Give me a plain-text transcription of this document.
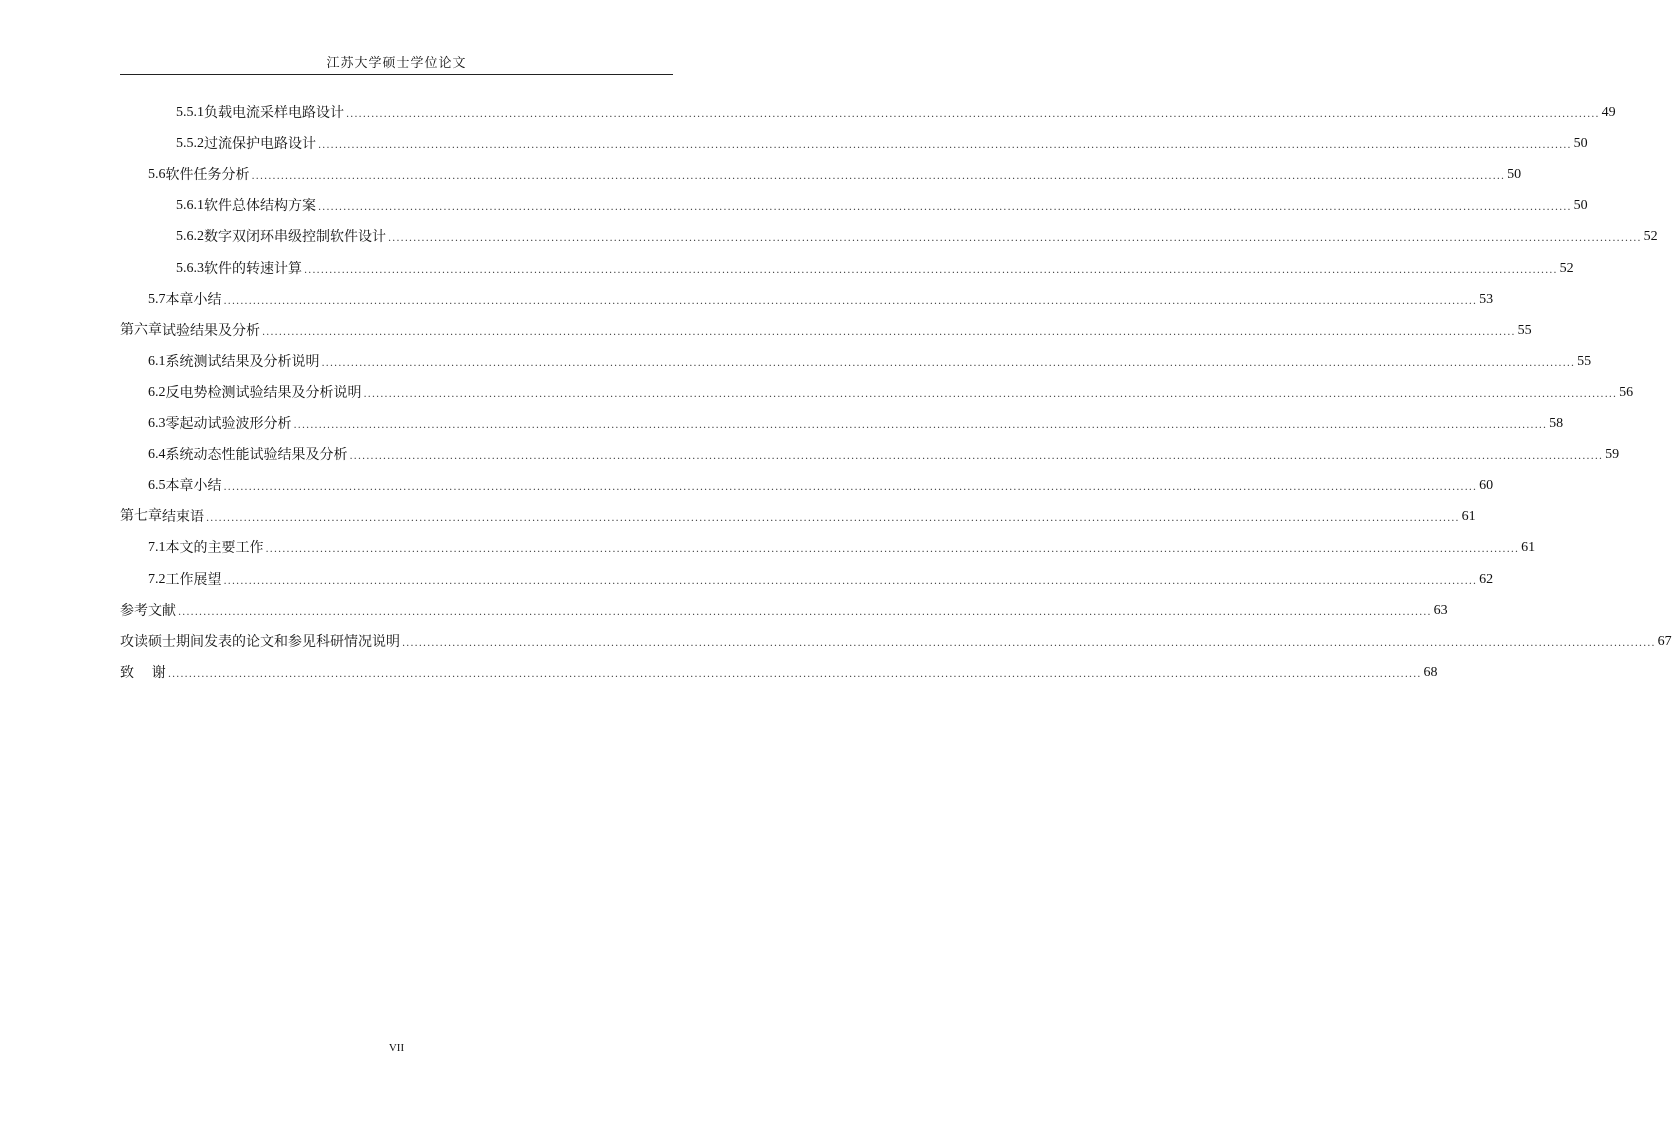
江苏大学硕士学位论文
5.5.1 负载电流采样电路设计 ............................................................................................................................................................................................................................................................................................................ 49
5.5.2 过流保护电路设计 ............................................................................................................................................................................................................................................................................................................ 50
5.6 软件任务分析 ............................................................................................................................................................................................................................................................................................................ 50
5.6.1 软件总体结构方案 ............................................................................................................................................................................................................................................................................................................ 50
5.6.2 数字双闭环串级控制软件设计 ............................................................................................................................................................................................................................................................................................................ 52
5.6.3 软件的转速计算 ............................................................................................................................................................................................................................................................................................................ 52
5.7 本章小结 ............................................................................................................................................................................................................................................................................................................ 53
第六章 试验结果及分析 ............................................................................................................................................................................................................................................................................................................ 55
6.1 系统测试结果及分析说明 ............................................................................................................................................................................................................................................................................................................ 55
6.2 反电势检测试验结果及分析说明 ............................................................................................................................................................................................................................................................................................................ 56
6.3 零起动试验波形分析 ............................................................................................................................................................................................................................................................................................................ 58
6.4 系统动态性能试验结果及分析 ............................................................................................................................................................................................................................................................................................................ 59
6.5 本章小结 ............................................................................................................................................................................................................................................................................................................ 60
第七章 结束语 ............................................................................................................................................................................................................................................................................................................ 61
7.1 本文的主要工作 ............................................................................................................................................................................................................................................................................................................ 61
7.2 工作展望 ............................................................................................................................................................................................................................................................................................................ 62
参考文献 ............................................................................................................................................................................................................................................................................................................ 63
攻读硕士期间发表的论文和参见科研情况说明 ............................................................................................................................................................................................................................................................................................................ 67
致    谢 ............................................................................................................................................................................................................................................................................................................ 68
VII
